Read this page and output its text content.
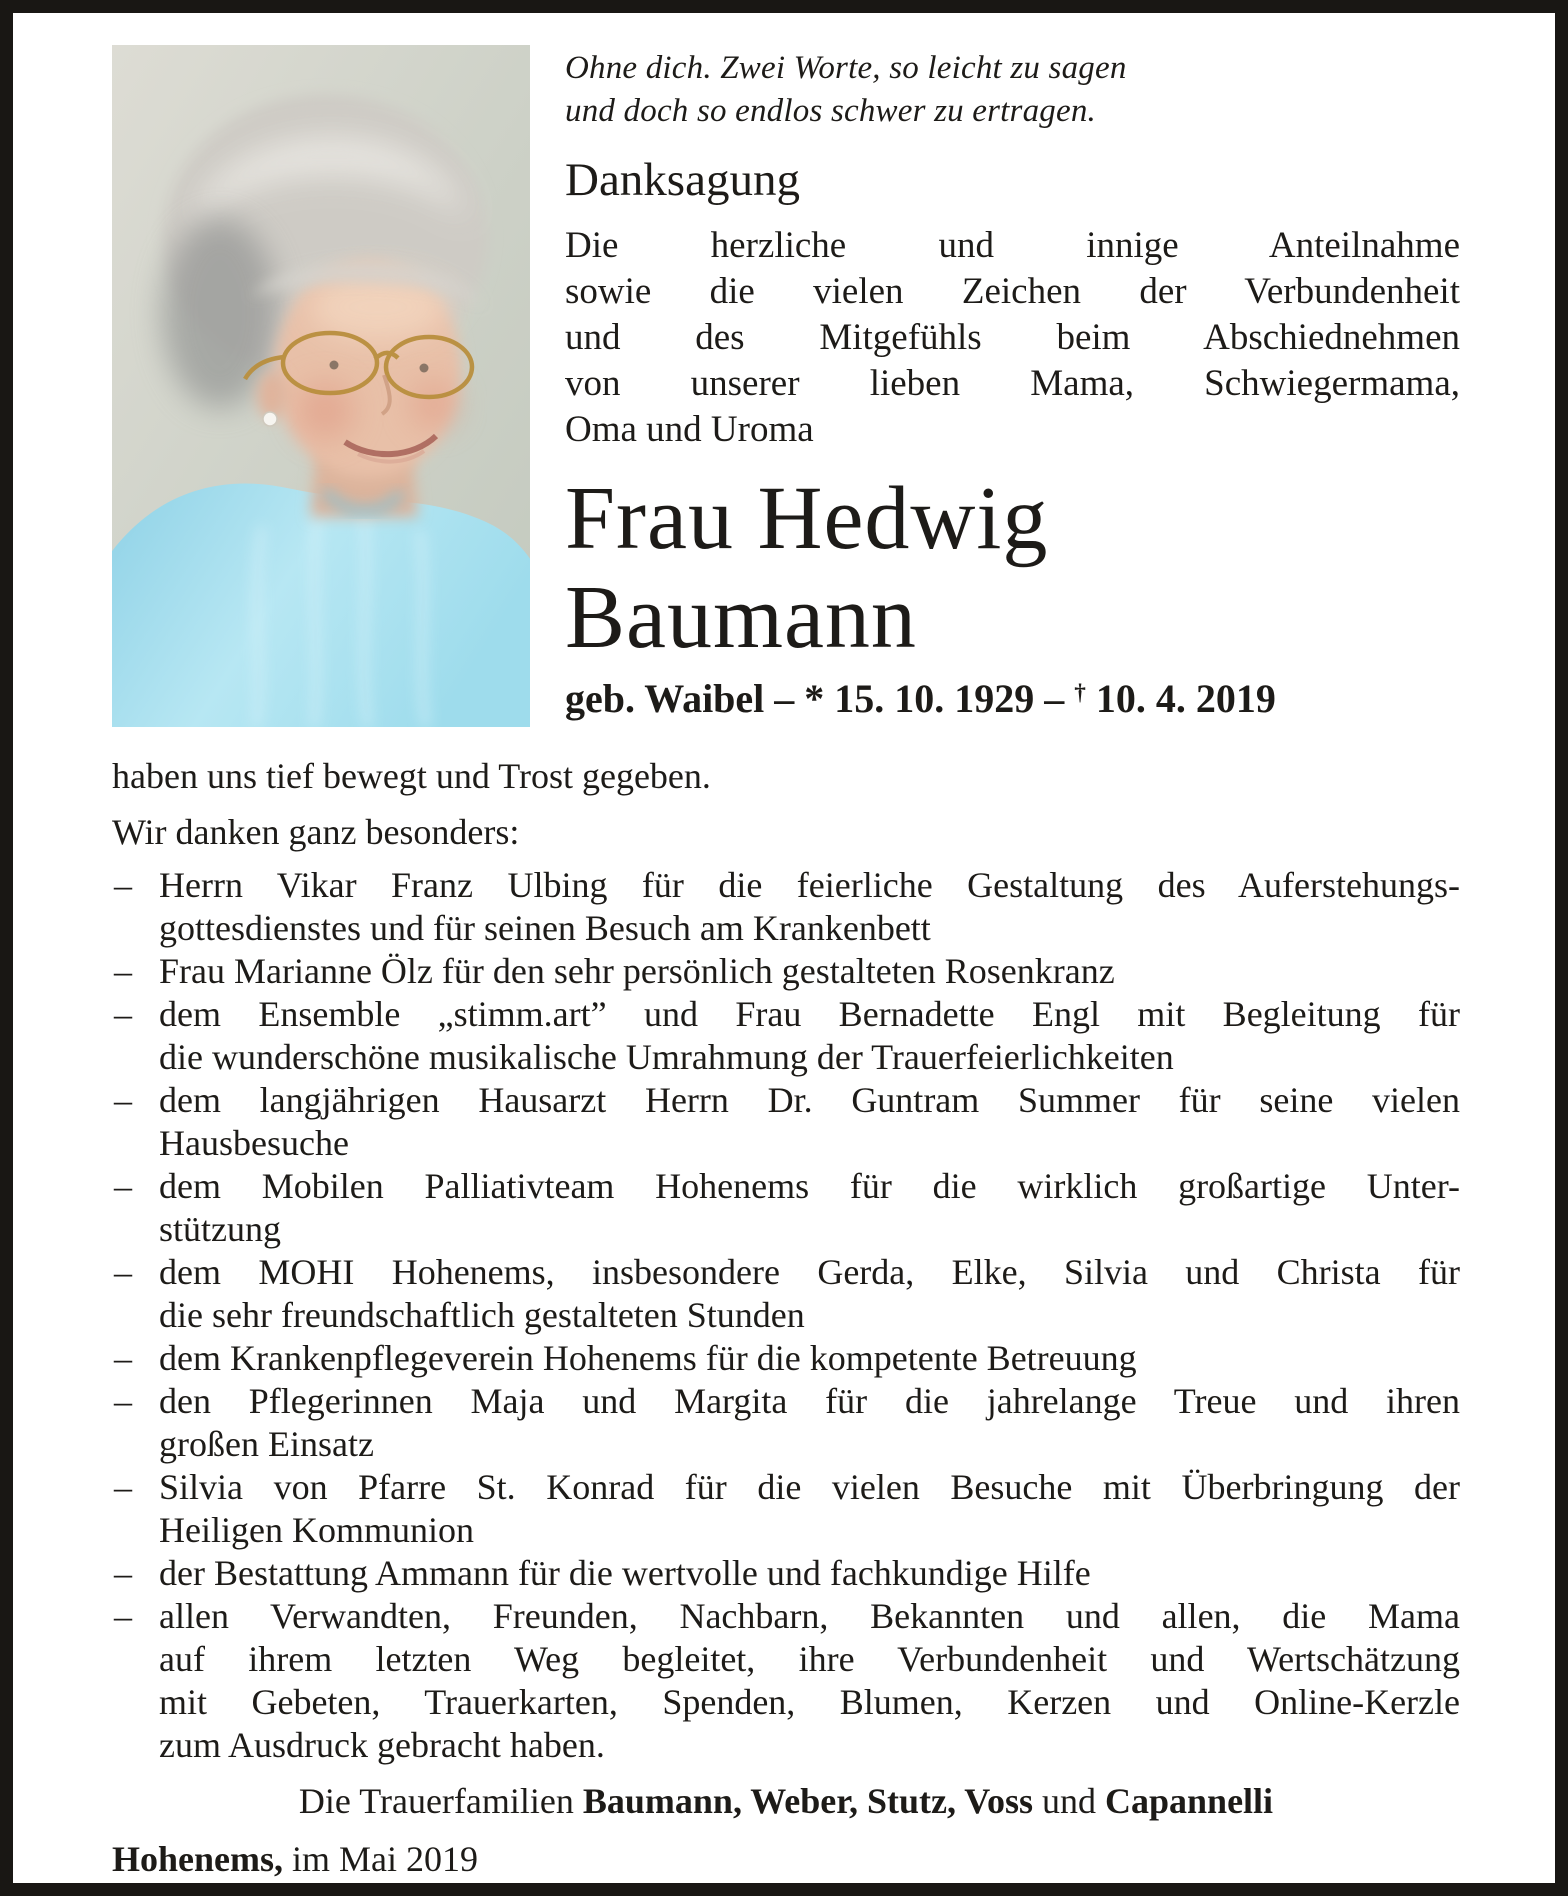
Ohne dich. Zwei Worte, so leicht zu sagen
und doch so endlos schwer zu ertragen.
Danksagung
Die herzliche und innige Anteilnahme
sowie die vielen Zeichen der Verbundenheit
und des Mitgefühls beim Abschiednehmen
von unserer lieben Mama, Schwiegermama,
Oma und Uroma
Frau Hedwig
Baumann
geb. Waibel – * 15. 10. 1929 – † 10. 4. 2019

haben uns tief bewegt und Trost gegeben.

Wir danken ganz besonders:

– Herrn Vikar Franz Ulbing für die feierliche Gestaltung des Auferstehungs-
gottesdienstes und für seinen Besuch am Krankenbett
– Frau Marianne Ölz für den sehr persönlich gestalteten Rosenkranz
– dem Ensemble „stimm.art” und Frau Bernadette Engl mit Begleitung für
die wunderschöne musikalische Umrahmung der Trauerfeierlichkeiten
– dem langjährigen Hausarzt Herrn Dr. Guntram Summer für seine vielen
Hausbesuche
– dem Mobilen Palliativteam Hohenems für die wirklich großartige Unter-
stützung
– dem MOHI Hohenems, insbesondere Gerda, Elke, Silvia und Christa für
die sehr freundschaftlich gestalteten Stunden
– dem Krankenpflegeverein Hohenems für die kompetente Betreuung
– den Pflegerinnen Maja und Margita für die jahrelange Treue und ihren
großen Einsatz
– Silvia von Pfarre St. Konrad für die vielen Besuche mit Überbringung der
Heiligen Kommunion
– der Bestattung Ammann für die wertvolle und fachkundige Hilfe
– allen Verwandten, Freunden, Nachbarn, Bekannten und allen, die Mama
auf ihrem letzten Weg begleitet, ihre Verbundenheit und Wertschätzung
mit Gebeten, Trauerkarten, Spenden, Blumen, Kerzen und Online-Kerzle
zum Ausdruck gebracht haben.
Die Trauerfamilien Baumann, Weber, Stutz, Voss und Capannelli
Hohenems, im Mai 2019
